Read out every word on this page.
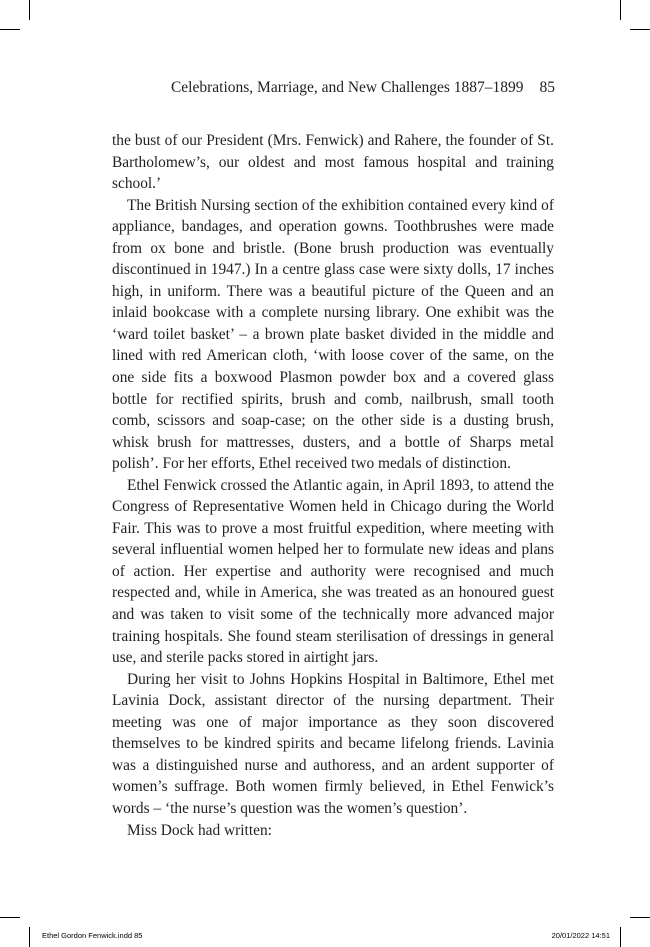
Celebrations, Marriage, and New Challenges 1887–1899 85

the bust of our President (Mrs. Fenwick) and Rahere, the founder of St. Bartholomew’s, our oldest and most famous hospital and training school.’

The British Nursing section of the exhibition contained every kind of appliance, bandages, and operation gowns. Toothbrushes were made from ox bone and bristle. (Bone brush production was eventually discontinued in 1947.) In a centre glass case were sixty dolls, 17 inches high, in uniform. There was a beautiful picture of the Queen and an inlaid bookcase with a complete nursing library. One exhibit was the ‘ward toilet basket’ – a brown plate basket divided in the middle and lined with red American cloth, ‘with loose cover of the same, on the one side fits a boxwood Plasmon powder box and a covered glass bottle for rectified spirits, brush and comb, nailbrush, small tooth comb, scissors and soap-case; on the other side is a dusting brush, whisk brush for mattresses, dusters, and a bottle of Sharps metal polish’. For her efforts, Ethel received two medals of distinction.

Ethel Fenwick crossed the Atlantic again, in April 1893, to attend the Congress of Representative Women held in Chicago during the World Fair. This was to prove a most fruitful expedition, where meeting with several influential women helped her to formulate new ideas and plans of action. Her expertise and authority were recognised and much respected and, while in America, she was treated as an honoured guest and was taken to visit some of the technically more advanced major training hospitals. She found steam sterilisation of dressings in general use, and sterile packs stored in airtight jars.

During her visit to Johns Hopkins Hospital in Baltimore, Ethel met Lavinia Dock, assistant director of the nursing department. Their meeting was one of major importance as they soon discovered themselves to be kindred spirits and became lifelong friends. Lavinia was a distinguished nurse and authoress, and an ardent supporter of women’s suffrage. Both women firmly believed, in Ethel Fenwick’s words – ‘the nurse’s question was the women’s question’.

Miss Dock had written:

Ethel Gordon Fenwick.indd 85	20/01/2022 14:51
